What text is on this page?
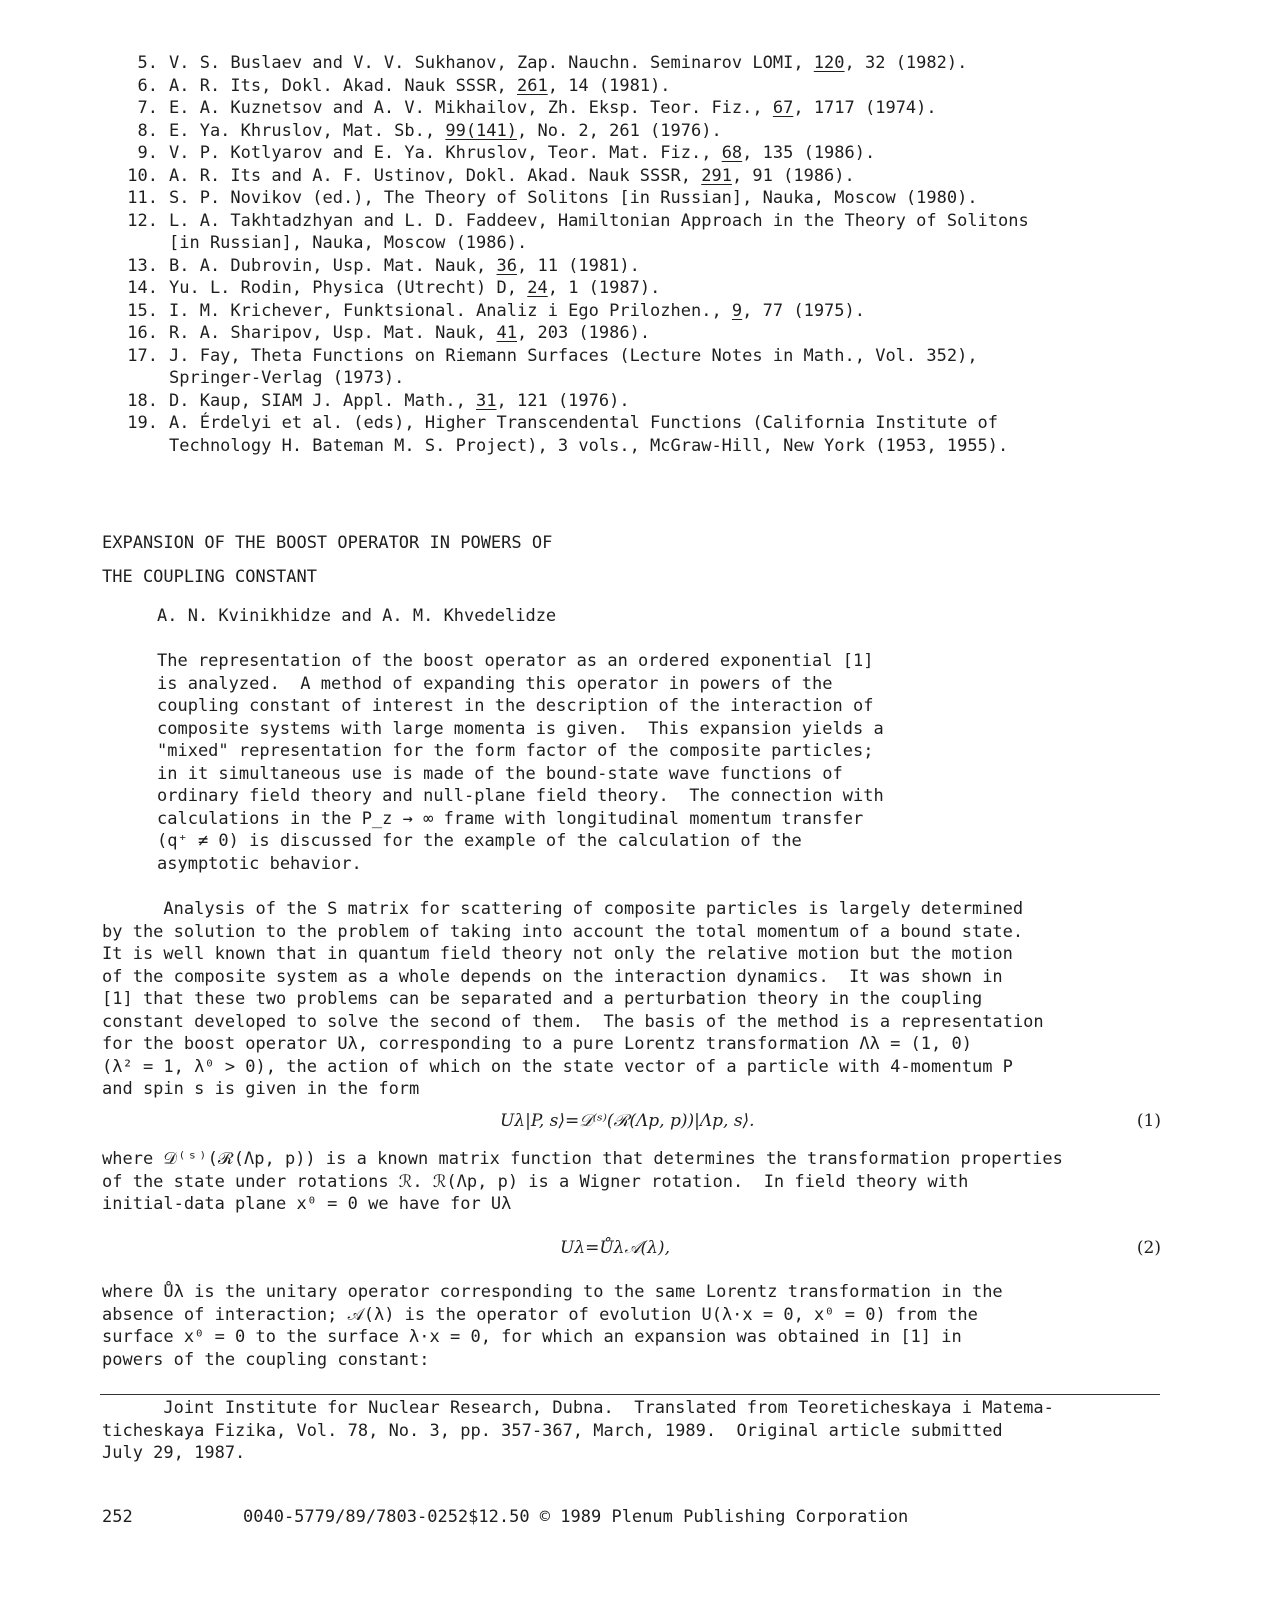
5. V. S. Buslaev and V. V. Sukhanov, Zap. Nauchn. Seminarov LOMI, 120, 32 (1982).
6. A. R. Its, Dokl. Akad. Nauk SSSR, 261, 14 (1981).
7. E. A. Kuznetsov and A. V. Mikhailov, Zh. Eksp. Teor. Fiz., 67, 1717 (1974).
8. E. Ya. Khruslov, Mat. Sb., 99(141), No. 2, 261 (1976).
9. V. P. Kotlyarov and E. Ya. Khruslov, Teor. Mat. Fiz., 68, 135 (1986).
10. A. R. Its and A. F. Ustinov, Dokl. Akad. Nauk SSSR, 291, 91 (1986).
11. S. P. Novikov (ed.), The Theory of Solitons [in Russian], Nauka, Moscow (1980).
12. L. A. Takhtadzhyan and L. D. Faddeev, Hamiltonian Approach in the Theory of Solitons
[in Russian], Nauka, Moscow (1986).
13. B. A. Dubrovin, Usp. Mat. Nauk, 36, 11 (1981).
14. Yu. L. Rodin, Physica (Utrecht) D, 24, 1 (1987).
15. I. M. Krichever, Funktsional. Analiz i Ego Prilozhen., 9, 77 (1975).
16. R. A. Sharipov, Usp. Mat. Nauk, 41, 203 (1986).
17. J. Fay, Theta Functions on Riemann Surfaces (Lecture Notes in Math., Vol. 352),
Springer-Verlag (1973).
18. D. Kaup, SIAM J. Appl. Math., 31, 121 (1976).
19. A. Érdelyi et al. (eds), Higher Transcendental Functions (California Institute of
Technology H. Bateman M. S. Project), 3 vols., McGraw-Hill, New York (1953, 1955).
EXPANSION OF THE BOOST OPERATOR IN POWERS OF
THE COUPLING CONSTANT
A. N. Kvinikhidze and A. M. Khvedelidze
The representation of the boost operator as an ordered exponential [1]
is analyzed.  A method of expanding this operator in powers of the
coupling constant of interest in the description of the interaction of
composite systems with large momenta is given.  This expansion yields a
"mixed" representation for the form factor of the composite particles;
in it simultaneous use is made of the bound-state wave functions of
ordinary field theory and null-plane field theory.  The connection with
calculations in the P_z → ∞ frame with longitudinal momentum transfer
(q⁺ ≠ 0) is discussed for the example of the calculation of the
asymptotic behavior.
Analysis of the S matrix for scattering of composite particles is largely determined
by the solution to the problem of taking into account the total momentum of a bound state.
It is well known that in quantum field theory not only the relative motion but the motion
of the composite system as a whole depends on the interaction dynamics.  It was shown in
[1] that these two problems can be separated and a perturbation theory in the coupling
constant developed to solve the second of them.  The basis of the method is a representation
for the boost operator Uλ, corresponding to a pure Lorentz transformation Λλ = (1, 0)
(λ² = 1, λ⁰ > 0), the action of which on the state vector of a particle with 4-momentum P
and spin s is given in the form
Uλ|P, s⟩=𝒟⁽ˢ⁾(ℛ(Λp, p))|Λp, s⟩.	(1)
where 𝒟⁽ˢ⁾(ℛ(Λp, p)) is a known matrix function that determines the transformation properties
of the state under rotations ℛ. ℛ(Λp, p) is a Wigner rotation.  In field theory with
initial-data plane x⁰ = 0 we have for Uλ
Uλ=Ůλ𝒜(λ),	(2)
where Ůλ is the unitary operator corresponding to the same Lorentz transformation in the
absence of interaction; 𝒜(λ) is the operator of evolution U(λ·x = 0, x⁰ = 0) from the
surface x⁰ = 0 to the surface λ·x = 0, for which an expansion was obtained in [1] in
powers of the coupling constant:
Joint Institute for Nuclear Research, Dubna.  Translated from Teoreticheskaya i Matema-
ticheskaya Fizika, Vol. 78, No. 3, pp. 357-367, March, 1989.  Original article submitted
July 29, 1987.
252	0040-5779/89/7803-0252$12.50 © 1989 Plenum Publishing Corporation
